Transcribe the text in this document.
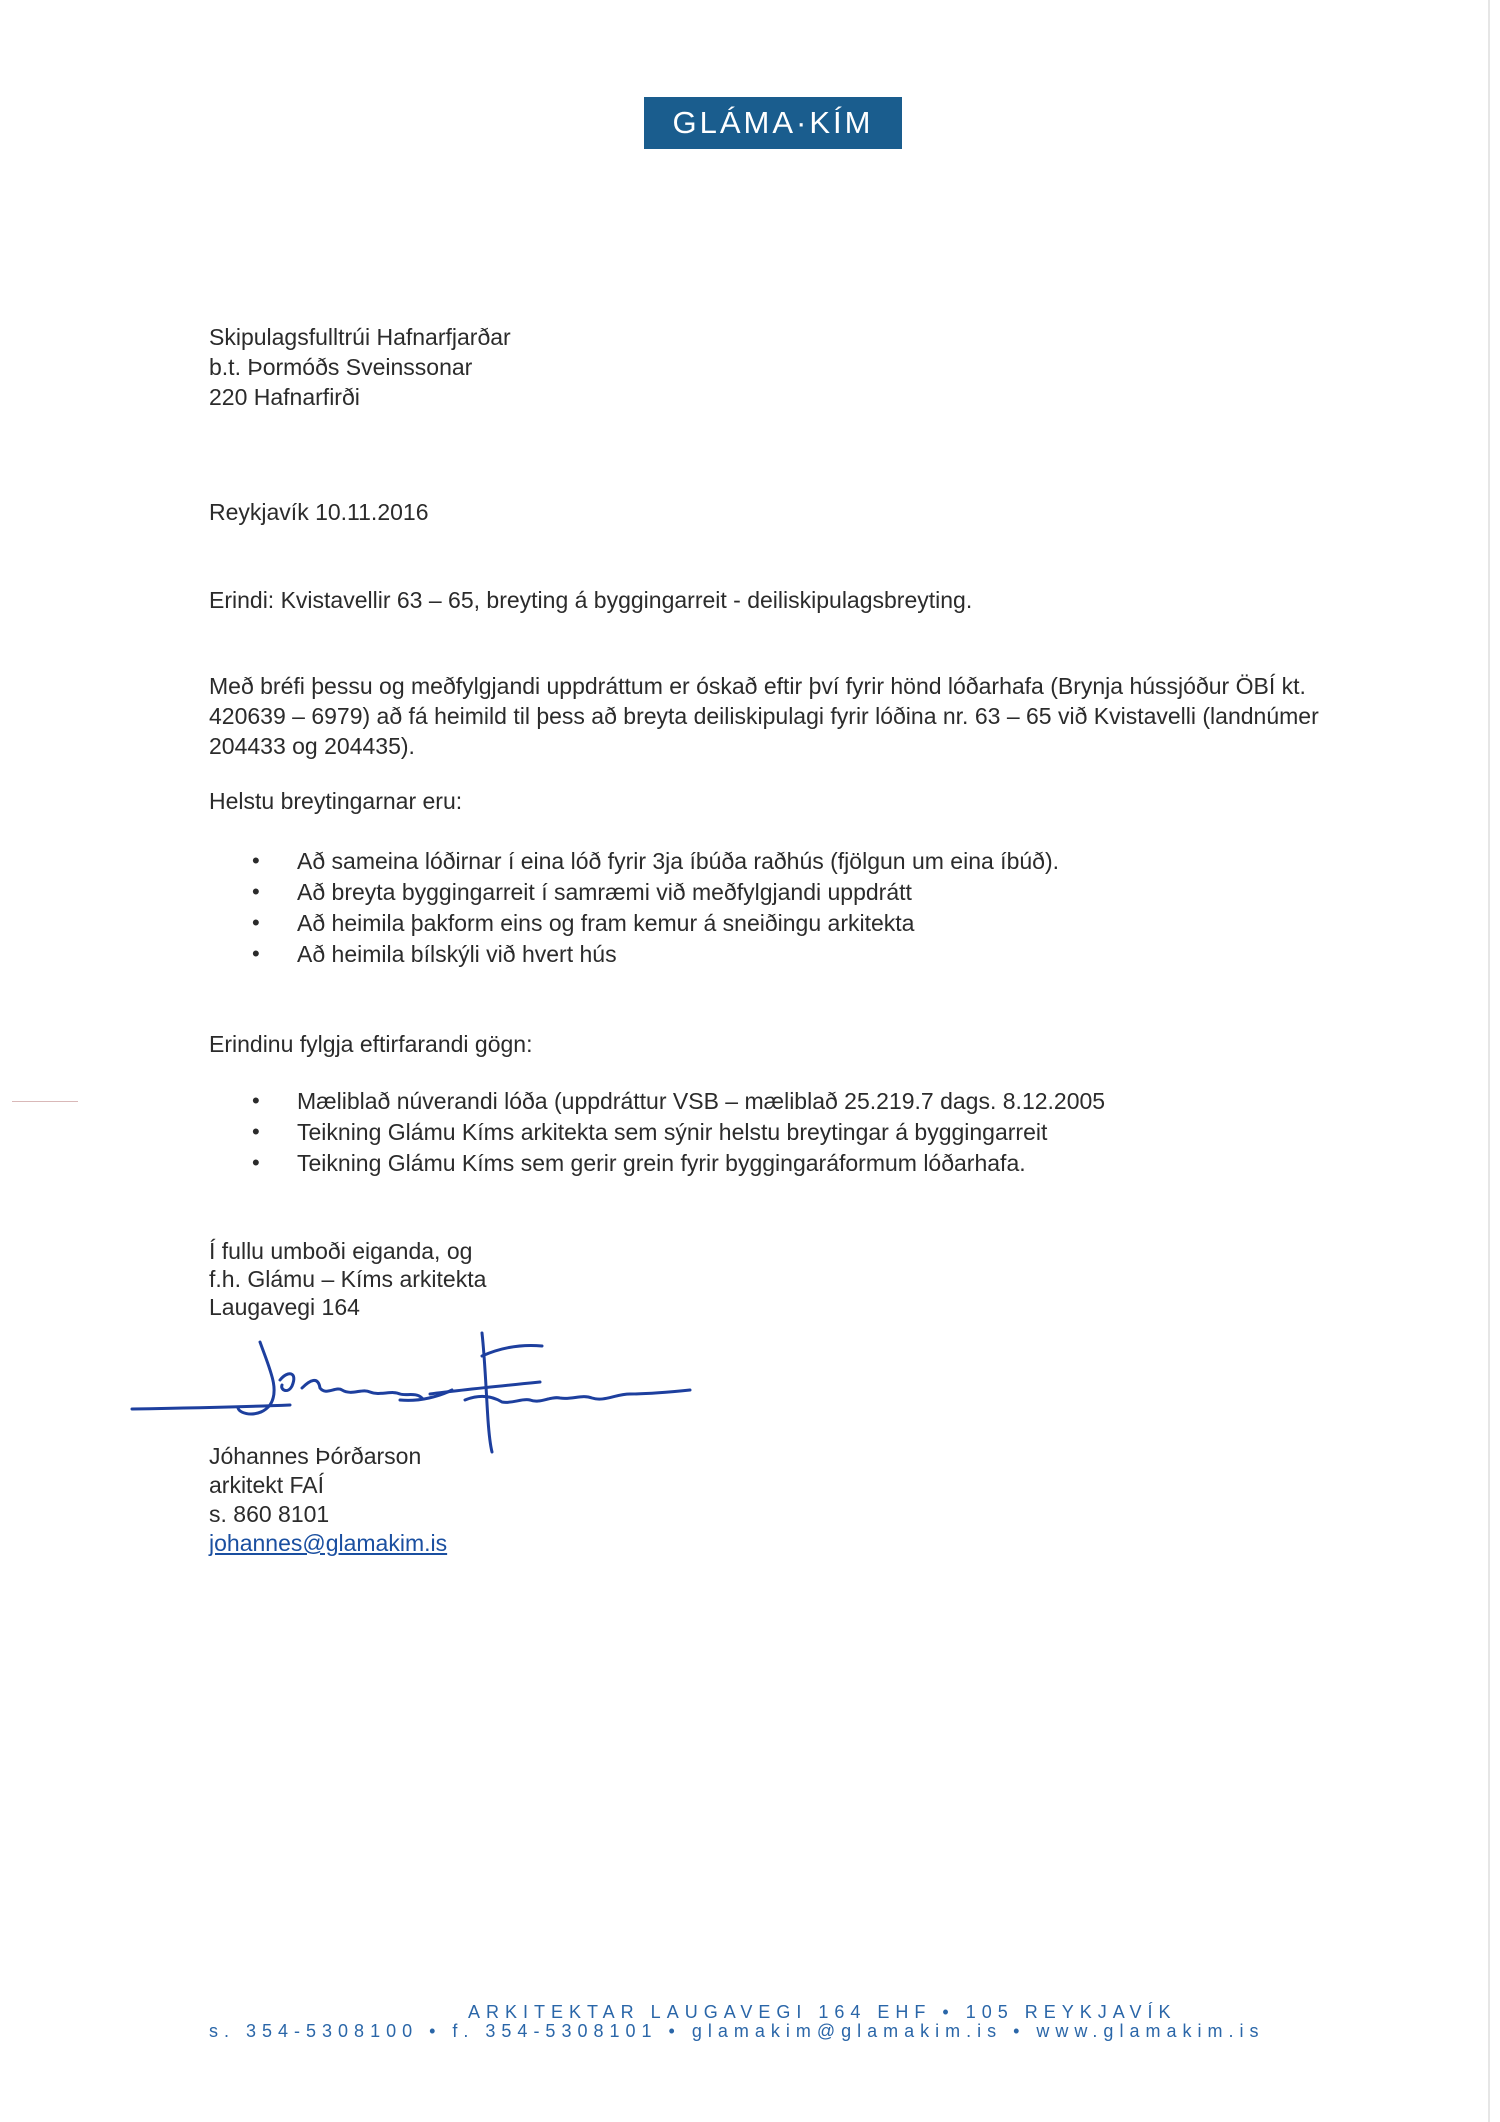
GLÁMA·KÍM
Skipulagsfulltrúi Hafnarfjarðar
b.t. Þormóðs Sveinssonar
220 Hafnarfirði
Reykjavík 10.11.2016
Erindi: Kvistavellir 63 – 65, breyting á byggingarreit - deiliskipulagsbreyting.
Með bréfi þessu og meðfylgjandi uppdráttum er óskað eftir því fyrir hönd lóðarhafa (Brynja hússjóður ÖBÍ kt.
420639 – 6979) að fá heimild til þess að breyta deiliskipulagi fyrir lóðina nr. 63 – 65 við Kvistavelli (landnúmer
204433 og 204435).
Helstu breytingarnar eru:
• Að sameina lóðirnar í eina lóð fyrir 3ja íbúða raðhús (fjölgun um eina íbúð).
• Að breyta byggingarreit í samræmi við meðfylgjandi uppdrátt
• Að heimila þakform eins og fram kemur á sneiðingu arkitekta
• Að heimila bílskýli við hvert hús
Erindinu fylgja eftirfarandi gögn:
• Mæliblað núverandi lóða (uppdráttur VSB – mæliblað 25.219.7 dags. 8.12.2005
• Teikning Glámu Kíms arkitekta sem sýnir helstu breytingar á byggingarreit
• Teikning Glámu Kíms sem gerir grein fyrir byggingaráformum lóðarhafa.
Í fullu umboði eiganda, og
f.h. Glámu – Kíms arkitekta
Laugavegi 164
Jóhannes Þórðarson
arkitekt FAÍ
s. 860 8101
johannes@glamakim.is
ARKITEKTAR LAUGAVEGI 164 EHF • 105 REYKJAVÍK
s. 354-5308100 • f. 354-5308101 • glamakim@glamakim.is • www.glamakim.is
